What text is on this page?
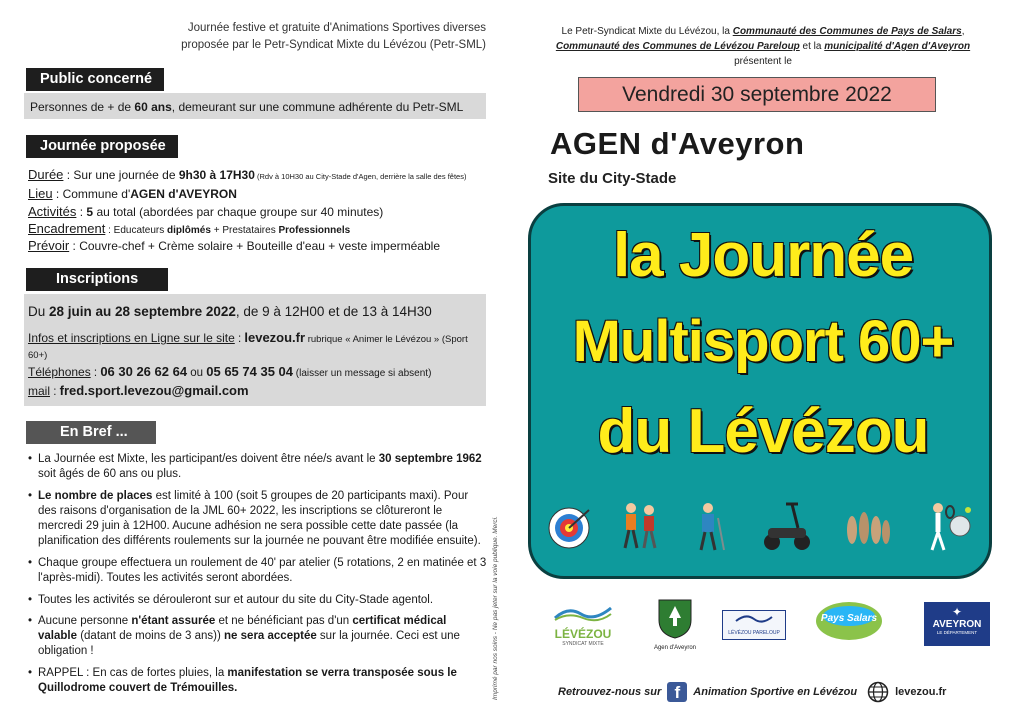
Journée festive et gratuite d'Animations Sportives diverses proposée par le Petr-Syndicat Mixte du Lévézou (Petr-SML)
Public concerné
Personnes de + de 60 ans, demeurant sur une commune adhérente du Petr-SML
Journée proposée
Durée : Sur une journée de 9h30 à 17H30 (Rdv à 10H30 au City-Stade d'Agen, derrière la salle des fêtes)
Lieu : Commune d'AGEN d'AVEYRON
Activités : 5 au total (abordées par chaque groupe sur 40 minutes)
Encadrement : Educateurs diplômés + Prestataires Professionnels
Prévoir : Couvre-chef + Crème solaire + Bouteille d'eau + veste imperméable
Inscriptions
Du 28 juin au 28 septembre 2022, de 9 à 12H00 et de 13 à 14H30
Infos et inscriptions en Ligne sur le site : levezou.fr rubrique « Animer le Lévézou » (Sport 60+)
Téléphones : 06 30 26 62 64 ou 05 65 74 35 04 (laisser un message si absent)
mail : fred.sport.levezou@gmail.com
En Bref ...
• La Journée est Mixte, les participant/es doivent être née/s avant le 30 septembre 1962 soit âgés de 60 ans ou plus.
• Le nombre de places est limité à 100 (soit 5 groupes de 20 participants maxi). Pour des raisons d'organisation de la JML 60+ 2022, les inscriptions se clôtureront le mercredi 29 juin à 12H00. Aucune adhésion ne sera possible cette date passée (la planification des différents roulements sur la journée ne pouvant être modifiée ensuite).
• Chaque groupe effectuera un roulement de 40' par atelier (5 rotations, 2 en matinée et 3 l'après-midi). Toutes les activités seront abordées.
• Toutes les activités se dérouleront sur et autour du site du City-Stade agentol.
• Aucune personne n'étant assurée et ne bénéficiant pas d'un certificat médical valable (datant de moins de 3 ans)) ne sera acceptée sur la journée. Ceci est une obligation !
• RAPPEL : En cas de fortes pluies, la manifestation se verra transposée sous le Quillodrome couvert de Trémouilles.	Imprimé par nos soins - Ne pas jeter sur la voie publique. Merci.
Le Petr-Syndicat Mixte du Lévézou, la Communauté des Communes de Pays de Salars,
Communauté des Communes de Lévézou Pareloup et la municipalité d'Agen d'Aveyron
présentent le
Vendredi 30 septembre 2022
AGEN d'Aveyron
Site du City-Stade
la Journée
Multisport 60+
du Lévézou
LÉVÉZOU
SYNDICAT MIXTE
Agen d'Aveyron
LÉVÉZOU PARELOUP
Pays Salars	✦
AVEYRON
LE DÉPARTEMENT
Retrouvez-nous sur f	Animation Sportive en Lévézou	levezou.fr
